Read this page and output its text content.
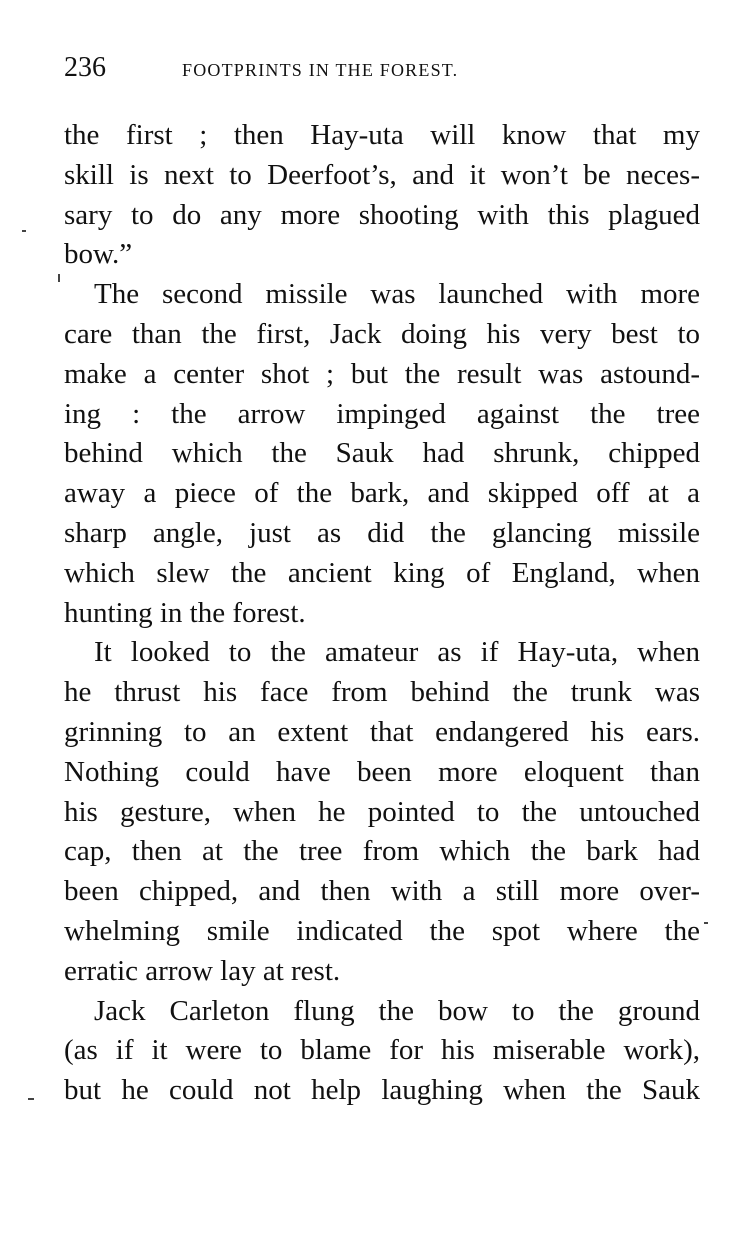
236	FOOTPRINTS IN THE FOREST.

the first ; then Hay-uta will know that my
skill is next to Deerfoot’s, and it won’t be neces-
sary to do any more shooting with this plagued
bow.”

The second missile was launched with more
care than the first, Jack doing his very best to
make a center shot ; but the result was astound-
ing : the arrow impinged against the tree
behind which the Sauk had shrunk, chipped
away a piece of the bark, and skipped off at a
sharp angle, just as did the glancing missile
which slew the ancient king of England, when
hunting in the forest.

It looked to the amateur as if Hay-uta, when
he thrust his face from behind the trunk was
grinning to an extent that endangered his ears.
Nothing could have been more eloquent than
his gesture, when he pointed to the untouched
cap, then at the tree from which the bark had
been chipped, and then with a still more over-
whelming smile indicated the spot where the
erratic arrow lay at rest.

Jack Carleton flung the bow to the ground
(as if it were to blame for his miserable work),
but he could not help laughing when the Sauk
